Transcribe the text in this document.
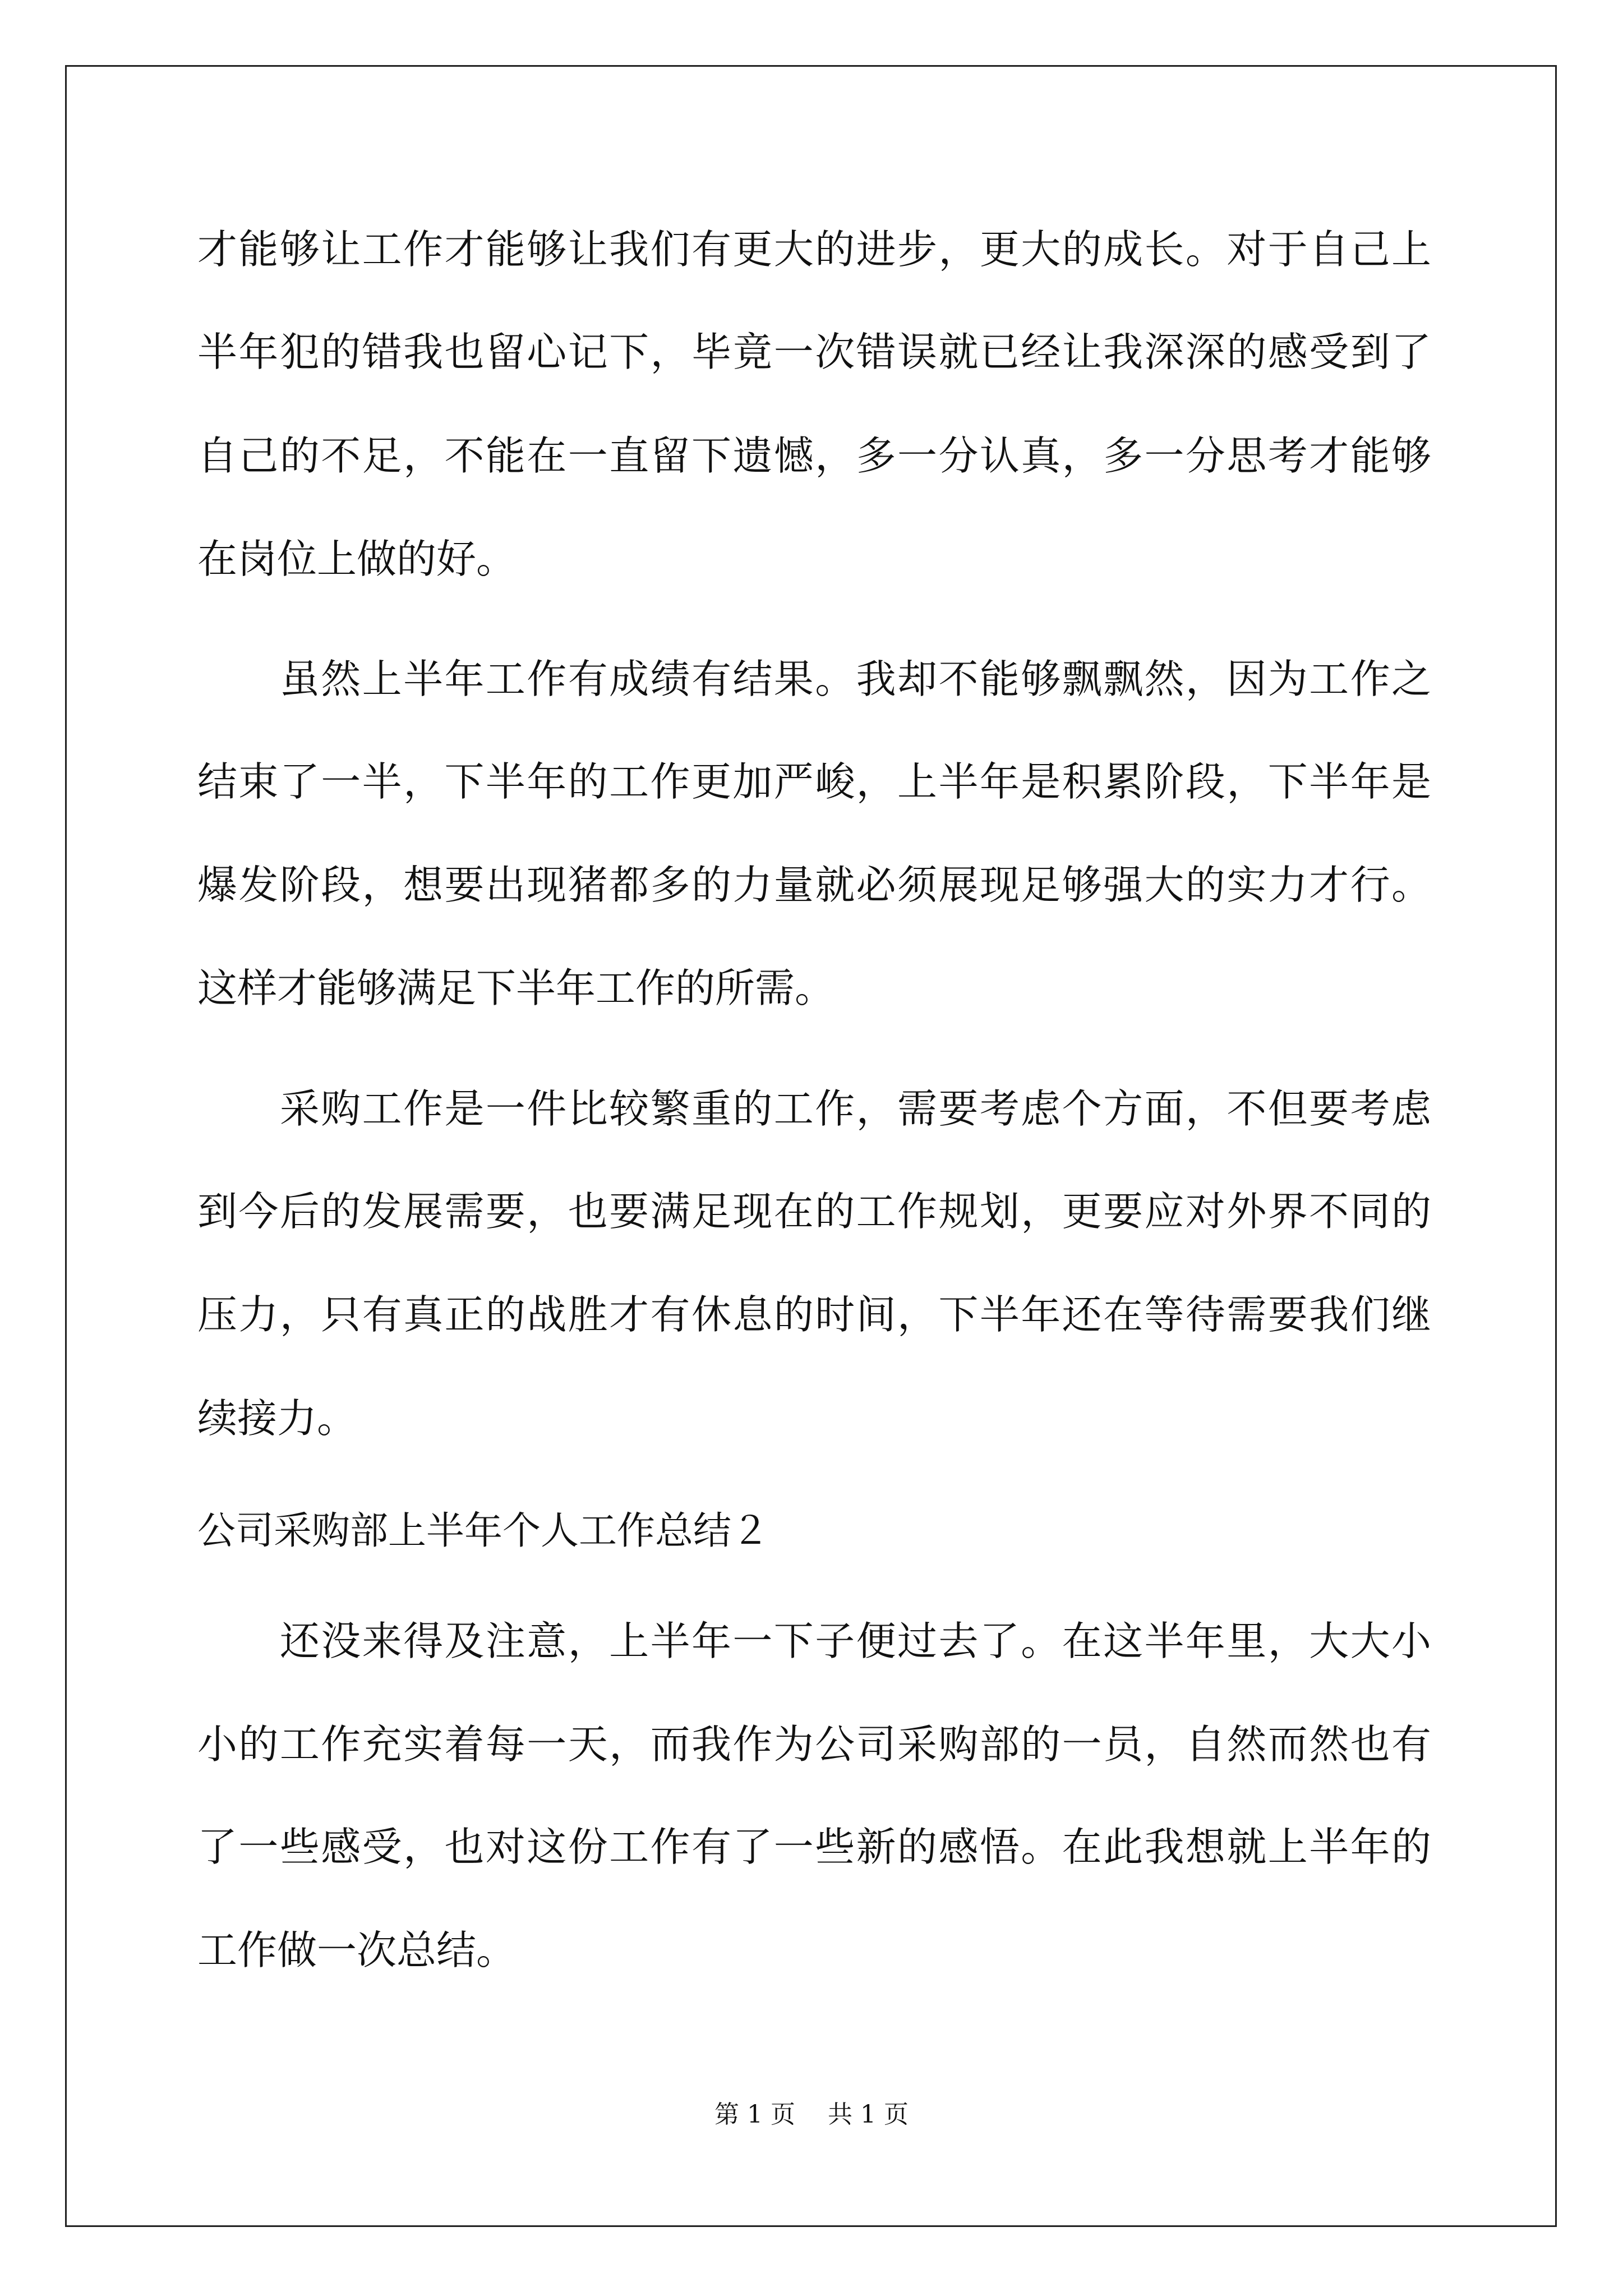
才能够让工作才能够让我们有更大的进步，更大的成长。对于自己上
半年犯的错我也留心记下，毕竟一次错误就已经让我深深的感受到了
自己的不足，不能在一直留下遗憾，多一分认真，多一分思考才能够
在岗位上做的好。
　　虽然上半年工作有成绩有结果。我却不能够飘飘然，因为工作之
结束了一半，下半年的工作更加严峻，上半年是积累阶段，下半年是
爆发阶段，想要出现猪都多的力量就必须展现足够强大的实力才行。
这样才能够满足下半年工作的所需。
　　采购工作是一件比较繁重的工作，需要考虑个方面，不但要考虑
到今后的发展需要，也要满足现在的工作规划，更要应对外界不同的
压力，只有真正的战胜才有休息的时间，下半年还在等待需要我们继
续接力。
公司采购部上半年个人工作总结２
　　还没来得及注意，上半年一下子便过去了。在这半年里，大大小
小的工作充实着每一天，而我作为公司采购部的一员，自然而然也有
了一些感受，也对这份工作有了一些新的感悟。在此我想就上半年的
工作做一次总结。
第 1 页　 共 1 页
